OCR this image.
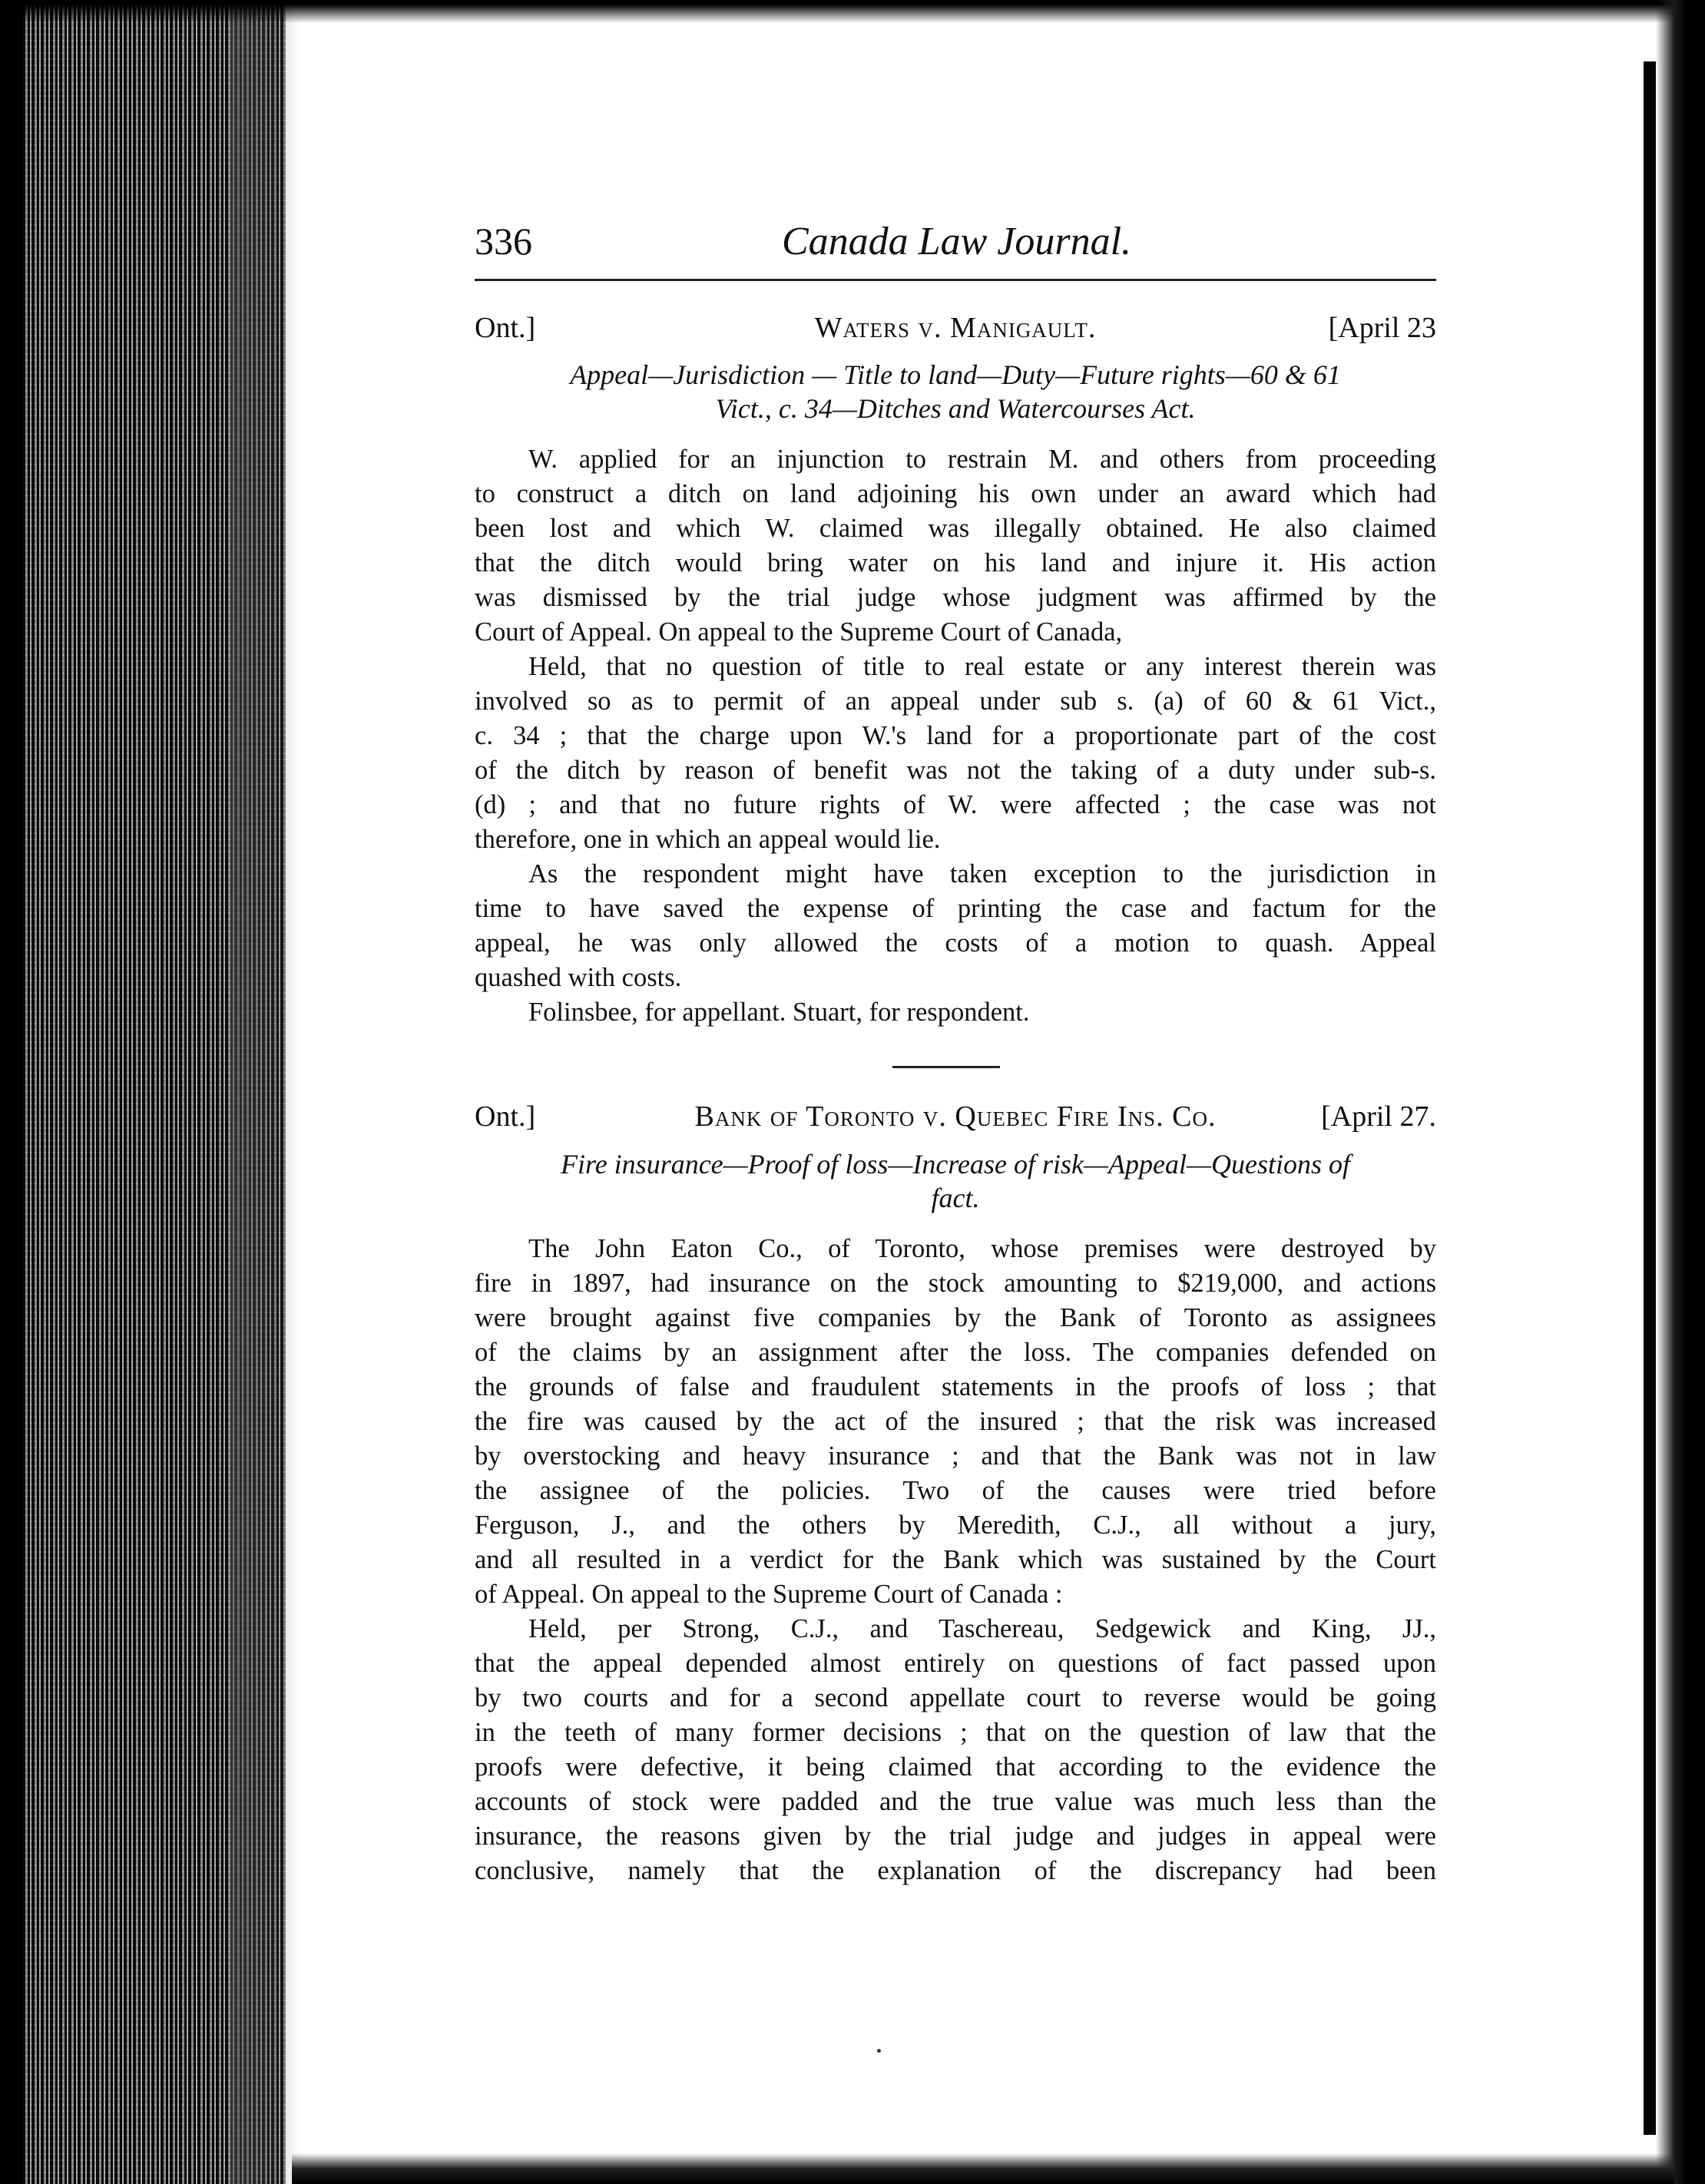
336	Canada Law Journal.
Ont.]	Waters v. Manigault.	[April 23
Appeal—Jurisdiction — Title to land—Duty—Future rights—60 & 61
Vict., c. 34—Ditches and Watercourses Act.
W. applied for an injunction to restrain M. and others from proceeding
to construct a ditch on land adjoining his own under an award which had
been lost and which W. claimed was illegally obtained. He also claimed
that the ditch would bring water on his land and injure it. His action
was dismissed by the trial judge whose judgment was affirmed by the
Court of Appeal. On appeal to the Supreme Court of Canada,
Held, that no question of title to real estate or any interest therein was
involved so as to permit of an appeal under sub s. (a) of 60 & 61 Vict.,
c. 34 ; that the charge upon W.'s land for a proportionate part of the cost
of the ditch by reason of benefit was not the taking of a duty under sub-s.
(d) ; and that no future rights of W. were affected ; the case was not
therefore, one in which an appeal would lie.
As the respondent might have taken exception to the jurisdiction in
time to have saved the expense of printing the case and factum for the
appeal, he was only allowed the costs of a motion to quash. Appeal
quashed with costs.
Folinsbee, for appellant. Stuart, for respondent.
Ont.]	Bank of Toronto v. Quebec Fire Ins. Co.	[April 27.
Fire insurance—Proof of loss—Increase of risk—Appeal—Questions of
fact.
The John Eaton Co., of Toronto, whose premises were destroyed by
fire in 1897, had insurance on the stock amounting to $219,000, and actions
were brought against five companies by the Bank of Toronto as assignees
of the claims by an assignment after the loss. The companies defended on
the grounds of false and fraudulent statements in the proofs of loss ; that
the fire was caused by the act of the insured ; that the risk was increased
by overstocking and heavy insurance ; and that the Bank was not in law
the assignee of the policies. Two of the causes were tried before
Ferguson, J., and the others by Meredith, C.J., all without a jury,
and all resulted in a verdict for the Bank which was sustained by the Court
of Appeal. On appeal to the Supreme Court of Canada :
Held, per Strong, C.J., and Taschereau, Sedgewick and King, JJ.,
that the appeal depended almost entirely on questions of fact passed upon
by two courts and for a second appellate court to reverse would be going
in the teeth of many former decisions ; that on the question of law that the
proofs were defective, it being claimed that according to the evidence the
accounts of stock were padded and the true value was much less than the
insurance, the reasons given by the trial judge and judges in appeal were
conclusive, namely that the explanation of the discrepancy had been
